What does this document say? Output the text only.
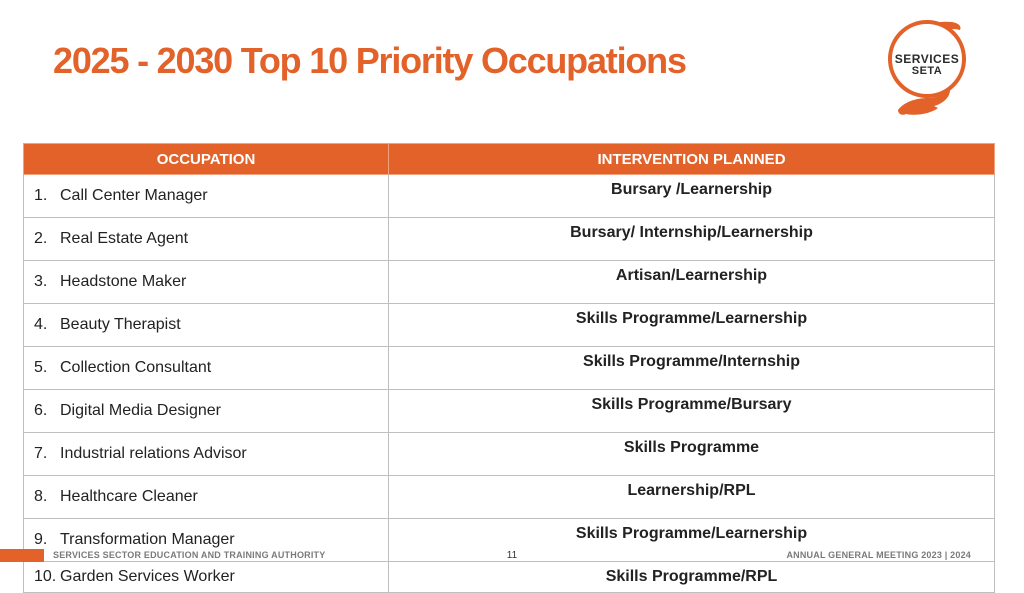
2025 - 2030 Top 10 Priority Occupations	SERVICES
SETA
OCCUPATION	INTERVENTION PLANNED
1. Call Center Manager	Bursary /Learnership
2. Real Estate Agent	Bursary/ Internship/Learnership
3. Headstone Maker	Artisan/Learnership
4. Beauty Therapist	Skills Programme/Learnership
5. Collection Consultant	Skills Programme/Internship
6. Digital Media Designer	Skills Programme/Bursary
7. Industrial relations Advisor	Skills Programme
8. Healthcare Cleaner	Learnership/RPL
9. Transformation Manager	Skills Programme/Learnership
10. Garden Services Worker	Skills Programme/RPL
SERVICES SECTOR EDUCATION AND TRAINING AUTHORITY	11	ANNUAL GENERAL MEETING 2023 | 2024
